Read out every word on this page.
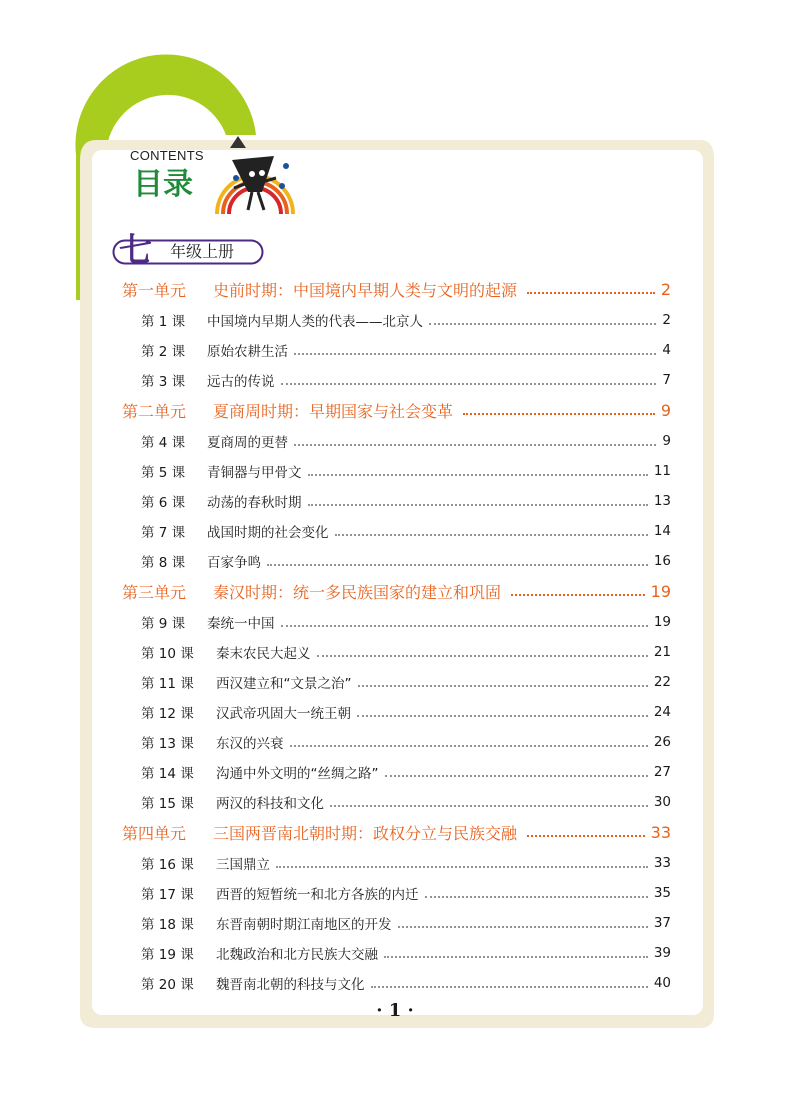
CONTENTS
目录
七 年级上册
第一单元	史前时期：中国境内早期人类与文明的起源	2
第 1 课	中国境内早期人类的代表——北京人	2
第 2 课	原始农耕生活	4
第 3 课	远古的传说	7
第二单元	夏商周时期：早期国家与社会变革	9
第 4 课	夏商周的更替	9
第 5 课	青铜器与甲骨文	11
第 6 课	动荡的春秋时期	13
第 7 课	战国时期的社会变化	14
第 8 课	百家争鸣	16
第三单元	秦汉时期：统一多民族国家的建立和巩固	19
第 9 课	秦统一中国	19
第 10 课	秦末农民大起义	21
第 11 课	西汉建立和“文景之治”	22
第 12 课	汉武帝巩固大一统王朝	24
第 13 课	东汉的兴衰	26
第 14 课	沟通中外文明的“丝绸之路”	27
第 15 课	两汉的科技和文化	30
第四单元	三国两晋南北朝时期：政权分立与民族交融	33
第 16 课	三国鼎立	33
第 17 课	西晋的短暂统一和北方各族的内迁	35
第 18 课	东晋南朝时期江南地区的开发	37
第 19 课	北魏政治和北方民族大交融	39
第 20 课	魏晋南北朝的科技与文化	40
· 1 ·
